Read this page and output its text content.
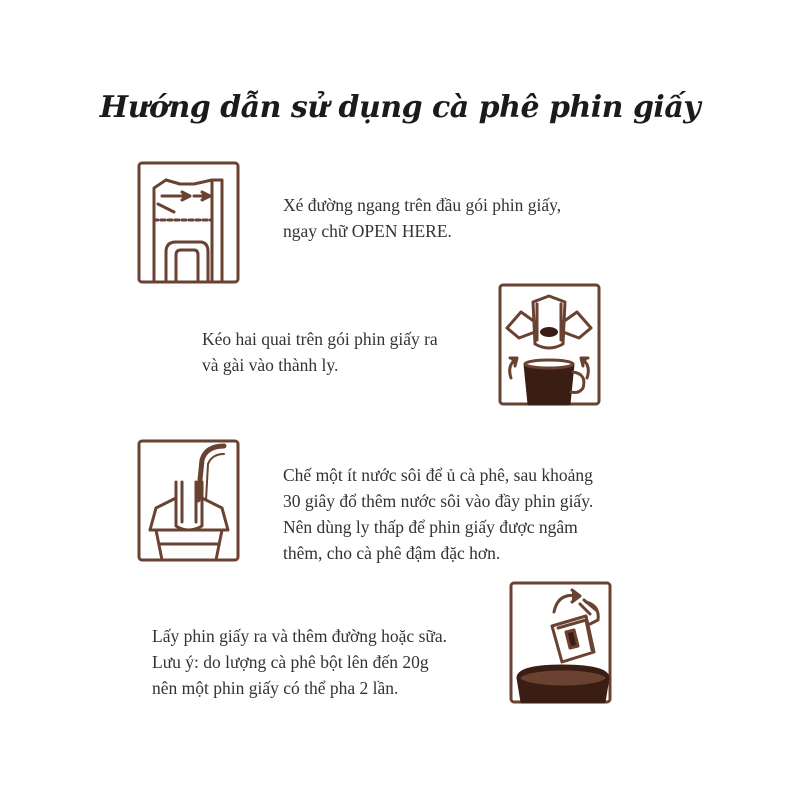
Hướng dẫn sử dụng cà phê phin giấy
Xé đường ngang trên đầu gói phin giấy,
ngay chữ OPEN HERE.
Kéo hai quai trên gói phin giấy ra
và gài vào thành ly.
Chế một ít nước sôi để ủ cà phê, sau khoảng
30 giây đổ thêm nước sôi vào đầy phin giấy.
Nên dùng ly thấp để phin giấy được ngâm
thêm, cho cà phê đậm đặc hơn.
Lấy phin giấy ra và thêm đường hoặc sữa.
Lưu ý: do lượng cà phê bột lên đến 20g
nên một phin giấy có thể pha 2 lần.
